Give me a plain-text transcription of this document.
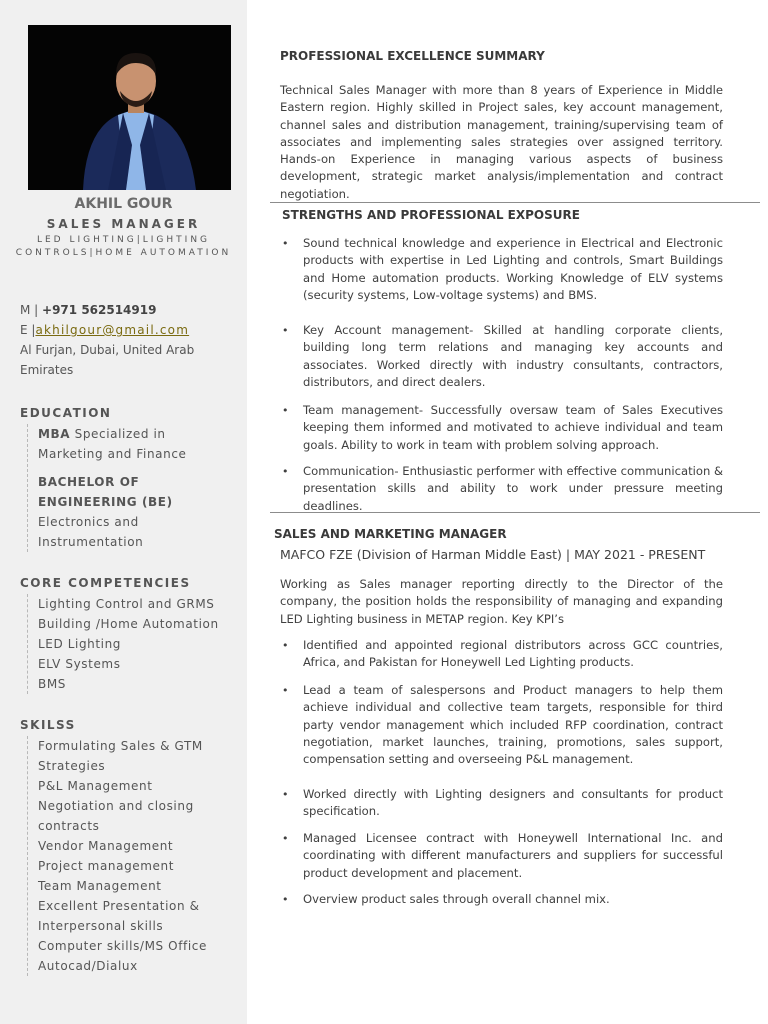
AKHIL GOUR
SALES MANAGER
LED LIGHTING|LIGHTING
CONTROLS|HOME AUTOMATION
M | +971 562514919
E |akhilgour@gmail.com
Al Furjan, Dubai, United Arab
Emirates
EDUCATION
MBA Specialized in
Marketing and Finance
BACHELOR OF
ENGINEERING (BE)
Electronics and
Instrumentation
CORE COMPETENCIES
Lighting Control and GRMS
Building /Home Automation
LED Lighting
ELV Systems
BMS
SKILSS
Formulating Sales & GTM
Strategies
P&L Management
Negotiation and closing
contracts
Vendor Management
Project management
Team Management
Excellent Presentation &
Interpersonal skills
Computer skills/MS Office
Autocad/Dialux
PROFESSIONAL EXCELLENCE SUMMARY
Technical Sales Manager with more than 8 years of Experience in Middle Eastern region. Highly skilled in Project sales, key account management, channel sales and distribution management, training/supervising team of associates and implementing sales strategies over assigned territory. Hands-on Experience in managing various aspects of business development, strategic market analysis/implementation and contract negotiation.
STRENGTHS AND PROFESSIONAL EXPOSURE
• Sound technical knowledge and experience in Electrical and Electronic products with expertise in Led Lighting and controls, Smart Buildings and Home automation products. Working Knowledge of ELV systems (security systems, Low-voltage systems) and BMS.
• Key Account management- Skilled at handling corporate clients, building long term relations and managing key accounts and associates. Worked directly with industry consultants, contractors, distributors, and direct dealers.
• Team management- Successfully oversaw team of Sales Executives keeping them informed and motivated to achieve individual and team goals. Ability to work in team with problem solving approach.
• Communication- Enthusiastic performer with effective communication & presentation skills and ability to work under pressure meeting deadlines.
SALES AND MARKETING MANAGER
MAFCO FZE (Division of Harman Middle East) | MAY 2021 - PRESENT
Working as Sales manager reporting directly to the Director of the company, the position holds the responsibility of managing and expanding LED Lighting business in METAP region. Key KPI’s
• Identified and appointed regional distributors across GCC countries, Africa, and Pakistan for Honeywell Led Lighting products.
• Lead a team of salespersons and Product managers to help them achieve individual and collective team targets, responsible for third party vendor management which included RFP coordination, contract negotiation, market launches, training, promotions, sales support, compensation setting and overseeing P&L management.
• Worked directly with Lighting designers and consultants for product specification.
• Managed Licensee contract with Honeywell International Inc. and coordinating with different manufacturers and suppliers for successful product development and placement.
• Overview product sales through overall channel mix.
